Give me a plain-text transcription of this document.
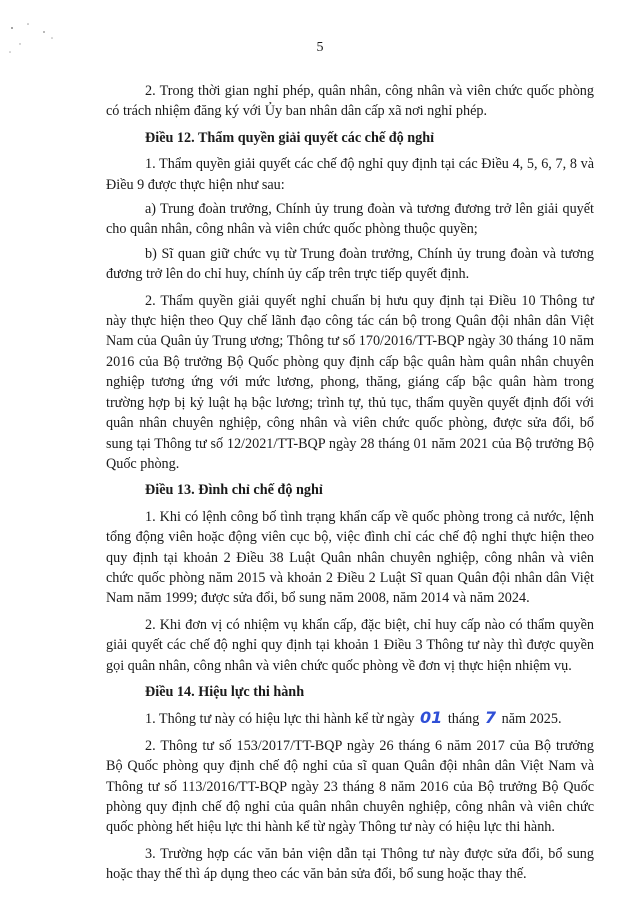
5

2. Trong thời gian nghỉ phép, quân nhân, công nhân và viên chức quốc phòng có trách nhiệm đăng ký với Ủy ban nhân dân cấp xã nơi nghỉ phép.

Điều 12. Thẩm quyền giải quyết các chế độ nghỉ

1. Thẩm quyền giải quyết các chế độ nghỉ quy định tại các Điều 4, 5, 6, 7, 8 và Điều 9 được thực hiện như sau:

a) Trung đoàn trưởng, Chính ủy trung đoàn và tương đương trở lên giải quyết cho quân nhân, công nhân và viên chức quốc phòng thuộc quyền;

b) Sĩ quan giữ chức vụ từ Trung đoàn trưởng, Chính ủy trung đoàn và tương đương trở lên do chỉ huy, chính ủy cấp trên trực tiếp quyết định.

2. Thẩm quyền giải quyết nghỉ chuẩn bị hưu quy định tại Điều 10 Thông tư này thực hiện theo Quy chế lãnh đạo công tác cán bộ trong Quân đội nhân dân Việt Nam của Quân ủy Trung ương; Thông tư số 170/2016/TT-BQP ngày 30 tháng 10 năm 2016 của Bộ trưởng Bộ Quốc phòng quy định cấp bậc quân hàm quân nhân chuyên nghiệp tương ứng với mức lương, phong, thăng, giáng cấp bậc quân hàm trong trường hợp bị kỷ luật hạ bậc lương; trình tự, thủ tục, thẩm quyền quyết định đối với quân nhân chuyên nghiệp, công nhân và viên chức quốc phòng, được sửa đổi, bổ sung tại Thông tư số 12/2021/TT-BQP ngày 28 tháng 01 năm 2021 của Bộ trưởng Bộ Quốc phòng.

Điều 13. Đình chỉ chế độ nghỉ

1. Khi có lệnh công bố tình trạng khẩn cấp về quốc phòng trong cả nước, lệnh tổng động viên hoặc động viên cục bộ, việc đình chỉ các chế độ nghỉ thực hiện theo quy định tại khoản 2 Điều 38 Luật Quân nhân chuyên nghiệp, công nhân và viên chức quốc phòng năm 2015 và khoản 2 Điều 2 Luật Sĩ quan Quân đội nhân dân Việt Nam năm 1999; được sửa đổi, bổ sung năm 2008, năm 2014 và năm 2024.

2. Khi đơn vị có nhiệm vụ khẩn cấp, đặc biệt, chỉ huy cấp nào có thẩm quyền giải quyết các chế độ nghỉ quy định tại khoản 1 Điều 3 Thông tư này thì được quyền gọi quân nhân, công nhân và viên chức quốc phòng về đơn vị thực hiện nhiệm vụ.

Điều 14. Hiệu lực thi hành

1. Thông tư này có hiệu lực thi hành kể từ ngày 01 tháng 7 năm 2025.

2. Thông tư số 153/2017/TT-BQP ngày 26 tháng 6 năm 2017 của Bộ trưởng Bộ Quốc phòng quy định chế độ nghỉ của sĩ quan Quân đội nhân dân Việt Nam và Thông tư số 113/2016/TT-BQP ngày 23 tháng 8 năm 2016 của Bộ trưởng Bộ Quốc phòng quy định chế độ nghỉ của quân nhân chuyên nghiệp, công nhân và viên chức quốc phòng hết hiệu lực thi hành kể từ ngày Thông tư này có hiệu lực thi hành.

3. Trường hợp các văn bản viện dẫn tại Thông tư này được sửa đổi, bổ sung hoặc thay thế thì áp dụng theo các văn bản sửa đổi, bổ sung hoặc thay thế.
